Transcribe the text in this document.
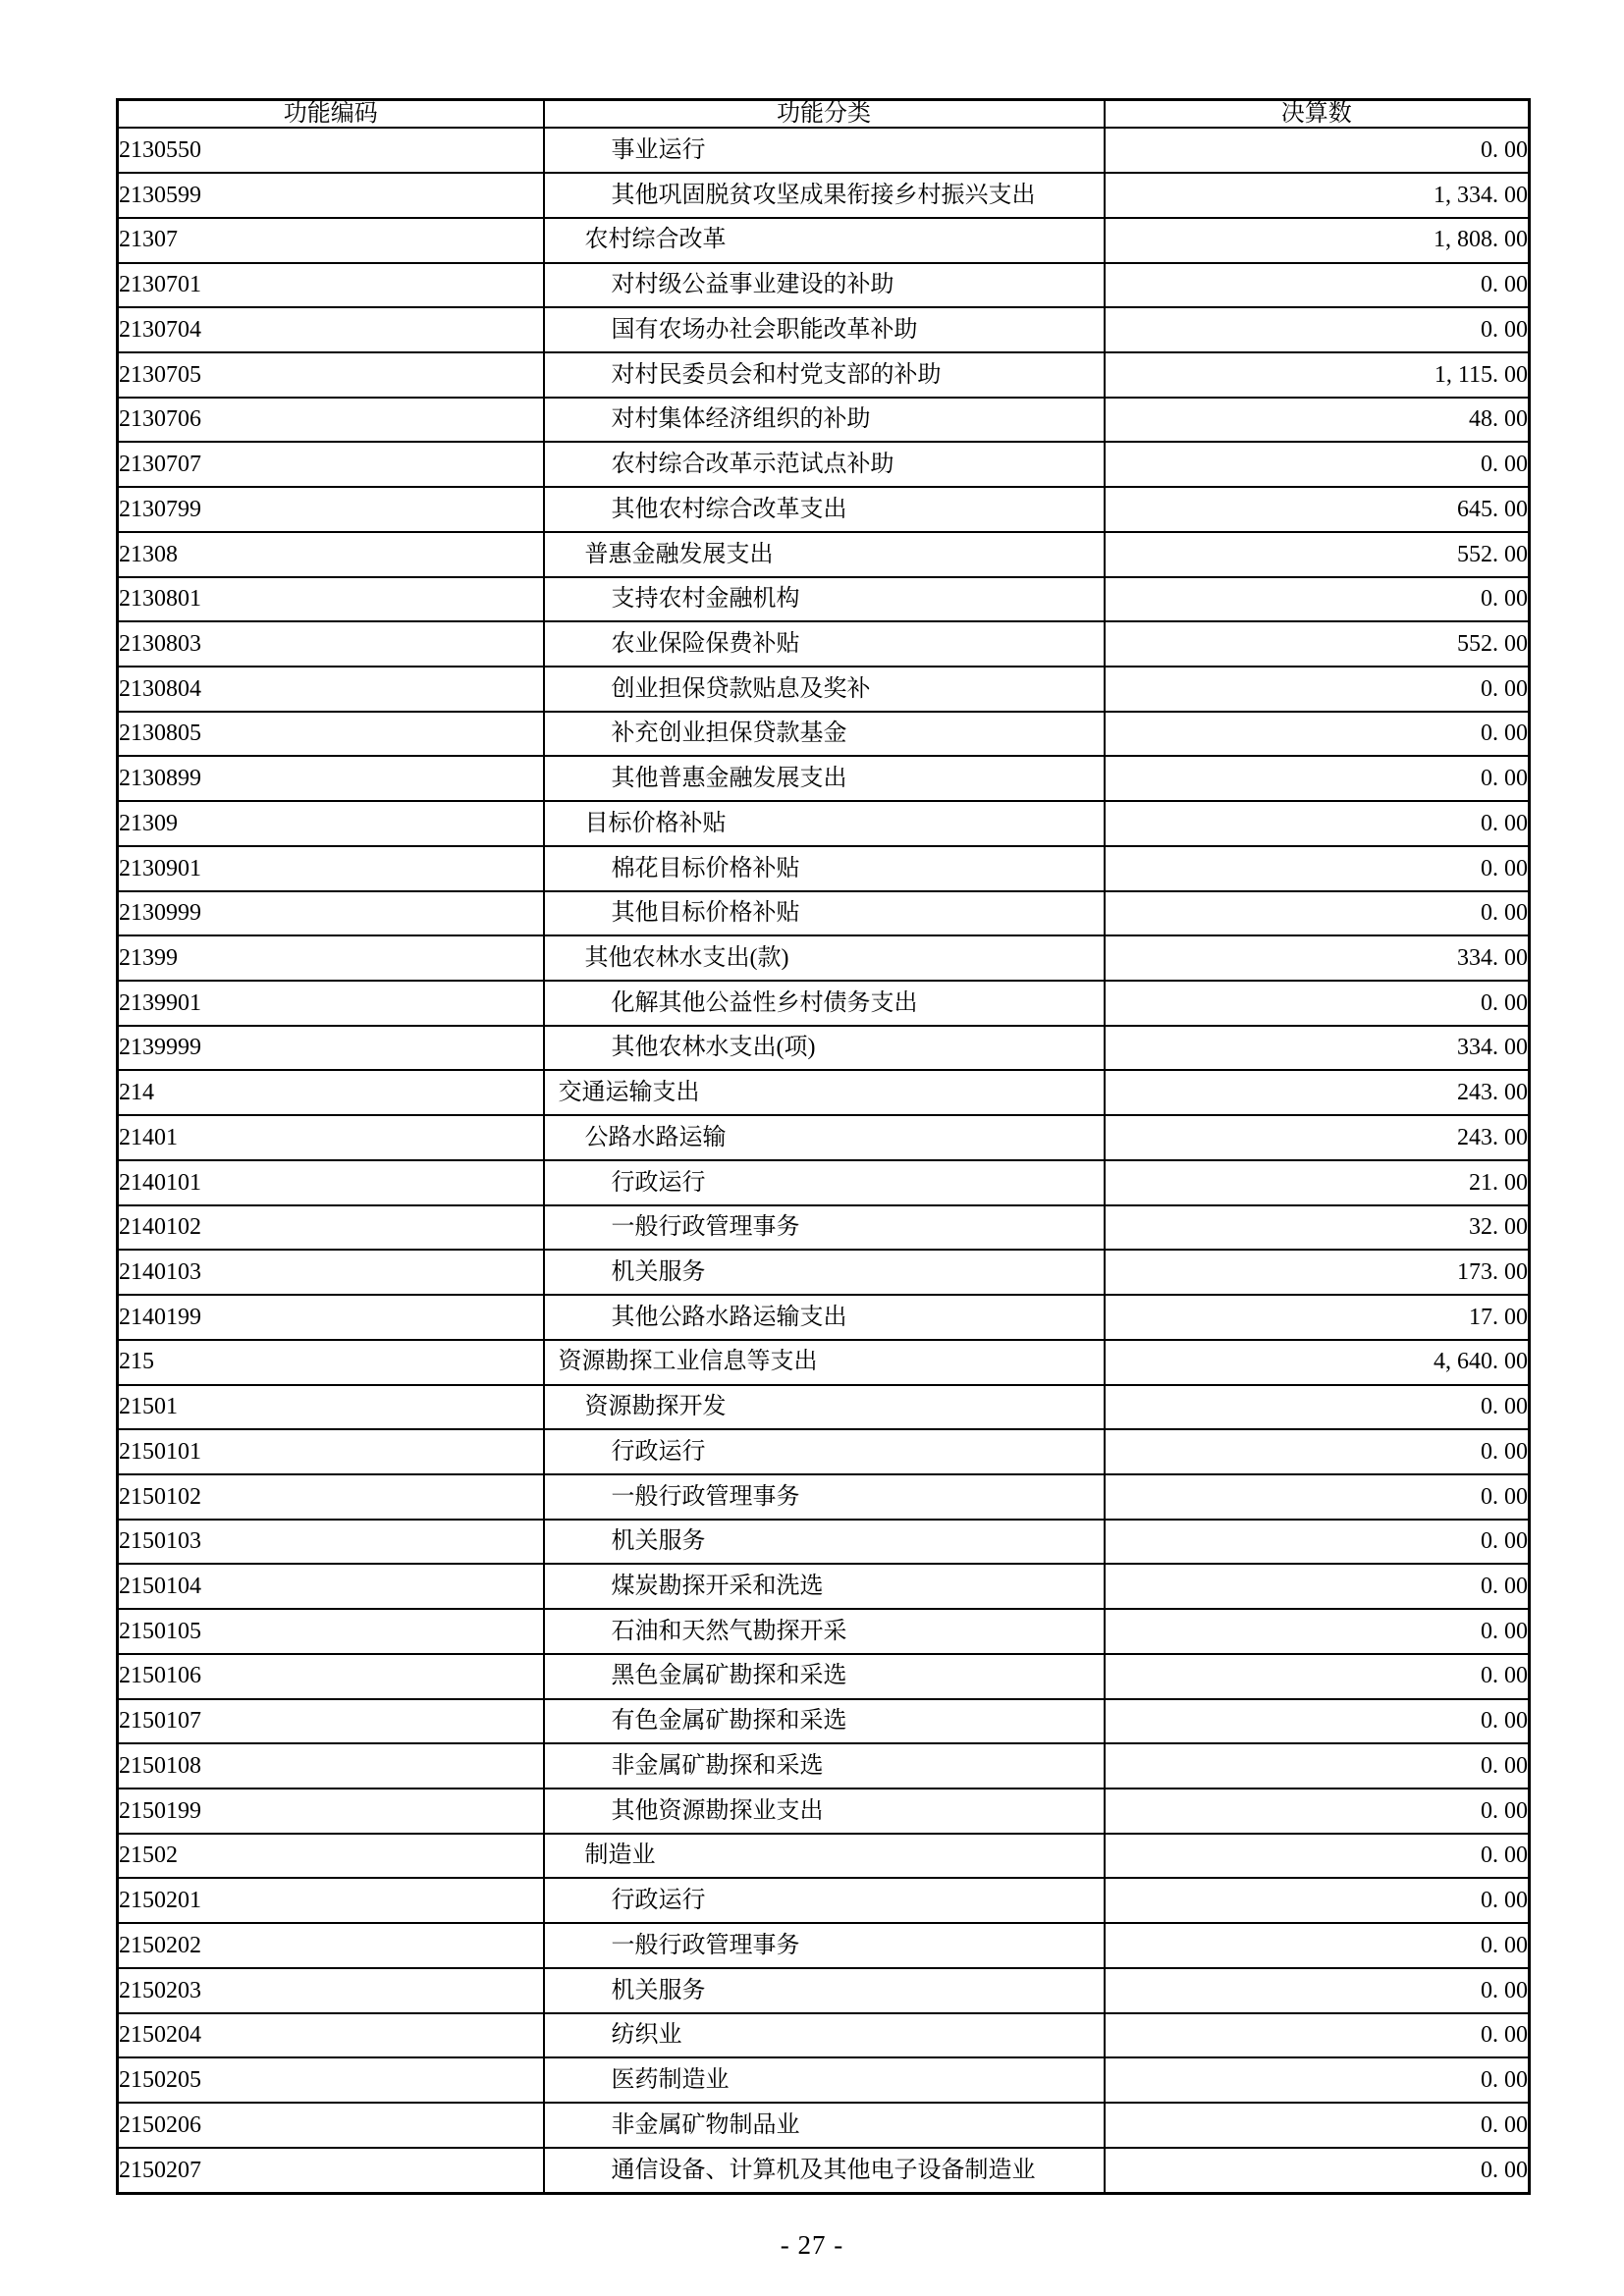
功能编码	功能分类	决算数
2130550	事业运行	0. 00
2130599	其他巩固脱贫攻坚成果衔接乡村振兴支出	1, 334. 00
21307	农村综合改革	1, 808. 00
2130701	对村级公益事业建设的补助	0. 00
2130704	国有农场办社会职能改革补助	0. 00
2130705	对村民委员会和村党支部的补助	1, 115. 00
2130706	对村集体经济组织的补助	48. 00
2130707	农村综合改革示范试点补助	0. 00
2130799	其他农村综合改革支出	645. 00
21308	普惠金融发展支出	552. 00
2130801	支持农村金融机构	0. 00
2130803	农业保险保费补贴	552. 00
2130804	创业担保贷款贴息及奖补	0. 00
2130805	补充创业担保贷款基金	0. 00
2130899	其他普惠金融发展支出	0. 00
21309	目标价格补贴	0. 00
2130901	棉花目标价格补贴	0. 00
2130999	其他目标价格补贴	0. 00
21399	其他农林水支出(款)	334. 00
2139901	化解其他公益性乡村债务支出	0. 00
2139999	其他农林水支出(项)	334. 00
214	交通运输支出	243. 00
21401	公路水路运输	243. 00
2140101	行政运行	21. 00
2140102	一般行政管理事务	32. 00
2140103	机关服务	173. 00
2140199	其他公路水路运输支出	17. 00
215	资源勘探工业信息等支出	4, 640. 00
21501	资源勘探开发	0. 00
2150101	行政运行	0. 00
2150102	一般行政管理事务	0. 00
2150103	机关服务	0. 00
2150104	煤炭勘探开采和洗选	0. 00
2150105	石油和天然气勘探开采	0. 00
2150106	黑色金属矿勘探和采选	0. 00
2150107	有色金属矿勘探和采选	0. 00
2150108	非金属矿勘探和采选	0. 00
2150199	其他资源勘探业支出	0. 00
21502	制造业	0. 00
2150201	行政运行	0. 00
2150202	一般行政管理事务	0. 00
2150203	机关服务	0. 00
2150204	纺织业	0. 00
2150205	医药制造业	0. 00
2150206	非金属矿物制品业	0. 00
2150207	通信设备、计算机及其他电子设备制造业	0. 00
- 27 -
